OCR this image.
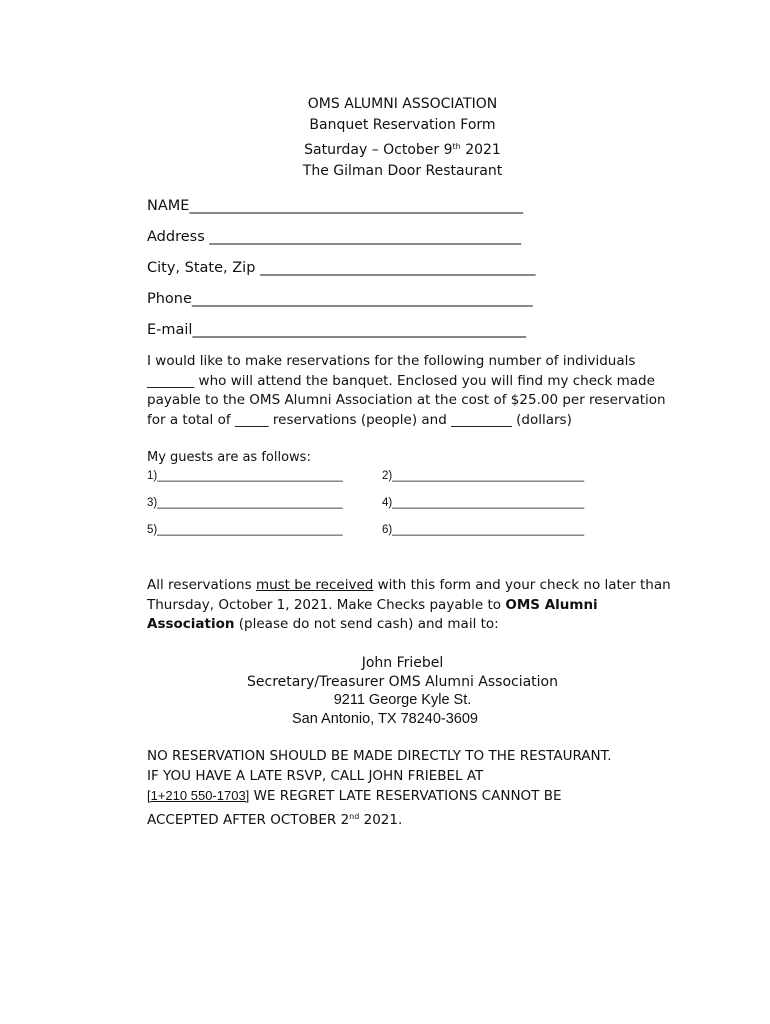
OMS ALUMNI ASSOCIATION
Banquet Reservation Form
Saturday – October 9th 2021
The Gilman Door Restaurant
NAME______________________________________________
Address ___________________________________________
City, State, Zip ______________________________________
Phone_______________________________________________
E-mail______________________________________________
I would like to make reservations for the following number of individuals
_______ who will attend the banquet. Enclosed you will find my check made
payable to the OMS Alumni Association at the cost of $25.00 per reservation
for a total of _____ reservations (people) and _________ (dollars)
My guests are as follows:
1)_____________________________	2)______________________________
3)_____________________________	4)______________________________
5)_____________________________	6)______________________________
All reservations must be received with this form and your check no later than
Thursday, October 1, 2021. Make Checks payable to OMS Alumni
Association (please do not send cash) and mail to:
John Friebel
Secretary/Treasurer OMS Alumni Association
9211 George Kyle St.
San Antonio, TX 78240-3609
NO RESERVATION SHOULD BE MADE DIRECTLY TO THE RESTAURANT.
IF YOU HAVE A LATE RSVP, CALL JOHN FRIEBEL AT
[1+210 550-1703] WE REGRET LATE RESERVATIONS CANNOT BE
ACCEPTED AFTER OCTOBER 2nd 2021.
